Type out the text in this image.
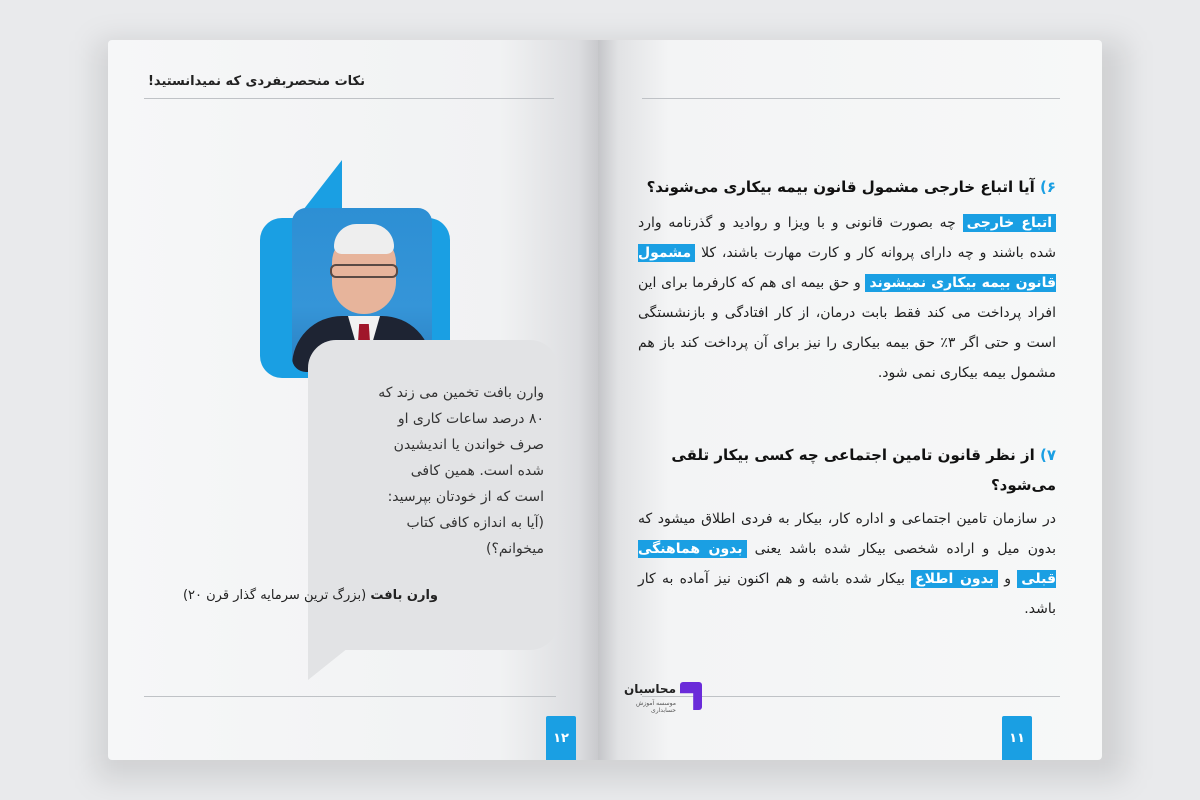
نکات منحصربفردی که نمیدانستید!
وارن بافت تخمین می زند که
۸۰ درصد ساعات کاری او
صرف خواندن یا اندیشیدن
شده است. همین کافی
است که از خودتان بپرسید:
(آیا به اندازه کافی کتاب
میخوانم؟)
وارن بافت (بزرگ ترین سرمایه گذار قرن ۲۰)
۱۲
۶) آیا اتباع خارجی مشمول قانون بیمه بیکاری می‌شوند؟
اتباع خارجی چه بصورت قانونی و با ویزا و روادید و گذرنامه وارد شده باشند و چه دارای پروانه کار و کارت مهارت باشند، کلا مشمول قانون بیمه بیکاری نمیشوند و حق بیمه ای هم که کارفرما برای این افراد پرداخت می کند فقط بابت درمان، از کار افتادگی و بازنشستگی است و حتی اگر ۳٪ حق بیمه بیکاری را نیز برای آن پرداخت کند باز هم مشمول بیمه بیکاری نمی شود.
۷) از نظر قانون تامین اجتماعی چه کسی بیکار تلقی می‌شود؟
در سازمان تامین اجتماعی و اداره کار، بیکار به فردی اطلاق میشود که بدون میل و اراده شخصی بیکار شده باشد یعنی بدون هماهنگی قبلی و بدون اطلاع بیکار شده باشه و هم اکنون نیز آماده به کار باشد.
محاسبان
موسسه آموزش حسابداری
۱۱
